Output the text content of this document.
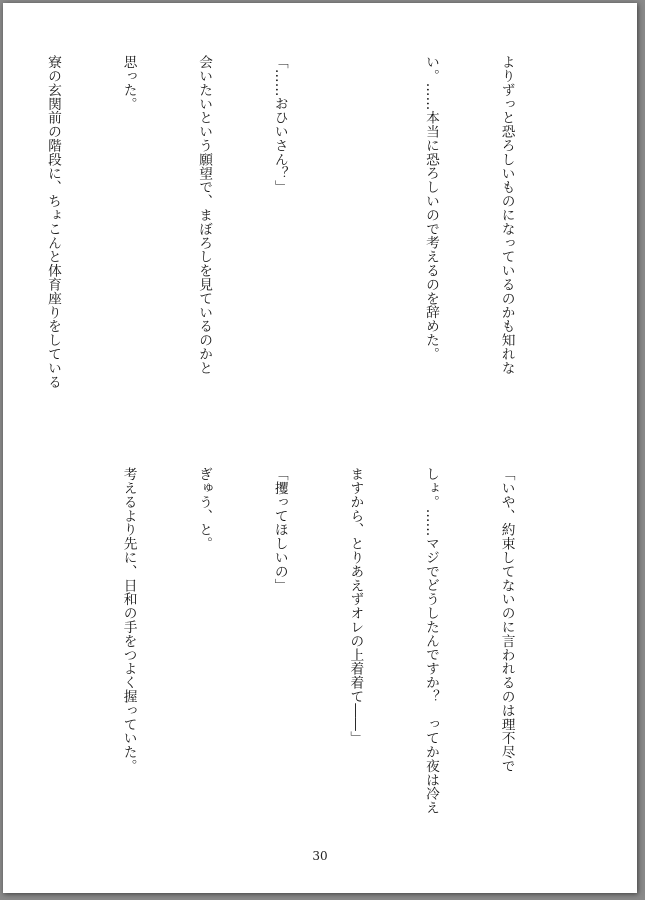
よりずっと恐ろしいものになっているのかも知れな

い。……本当に恐ろしいので考えるのを辞めた。

「……おひいさん？」

会いたいという願望で、まぼろしを見ているのかと

思った。

寮の玄関前の階段に、ちょこんと体育座りをしている

「いや、約束してないのに言われるのは理不尽で

しょ。……マジでどうしたんですか？　ってか夜は冷え

ますから、とりあえずオレの上着着て――」

「攫ってほしいの」

ぎゅう、と。

考えるより先に、日和の手をつよく握っていた。

30
